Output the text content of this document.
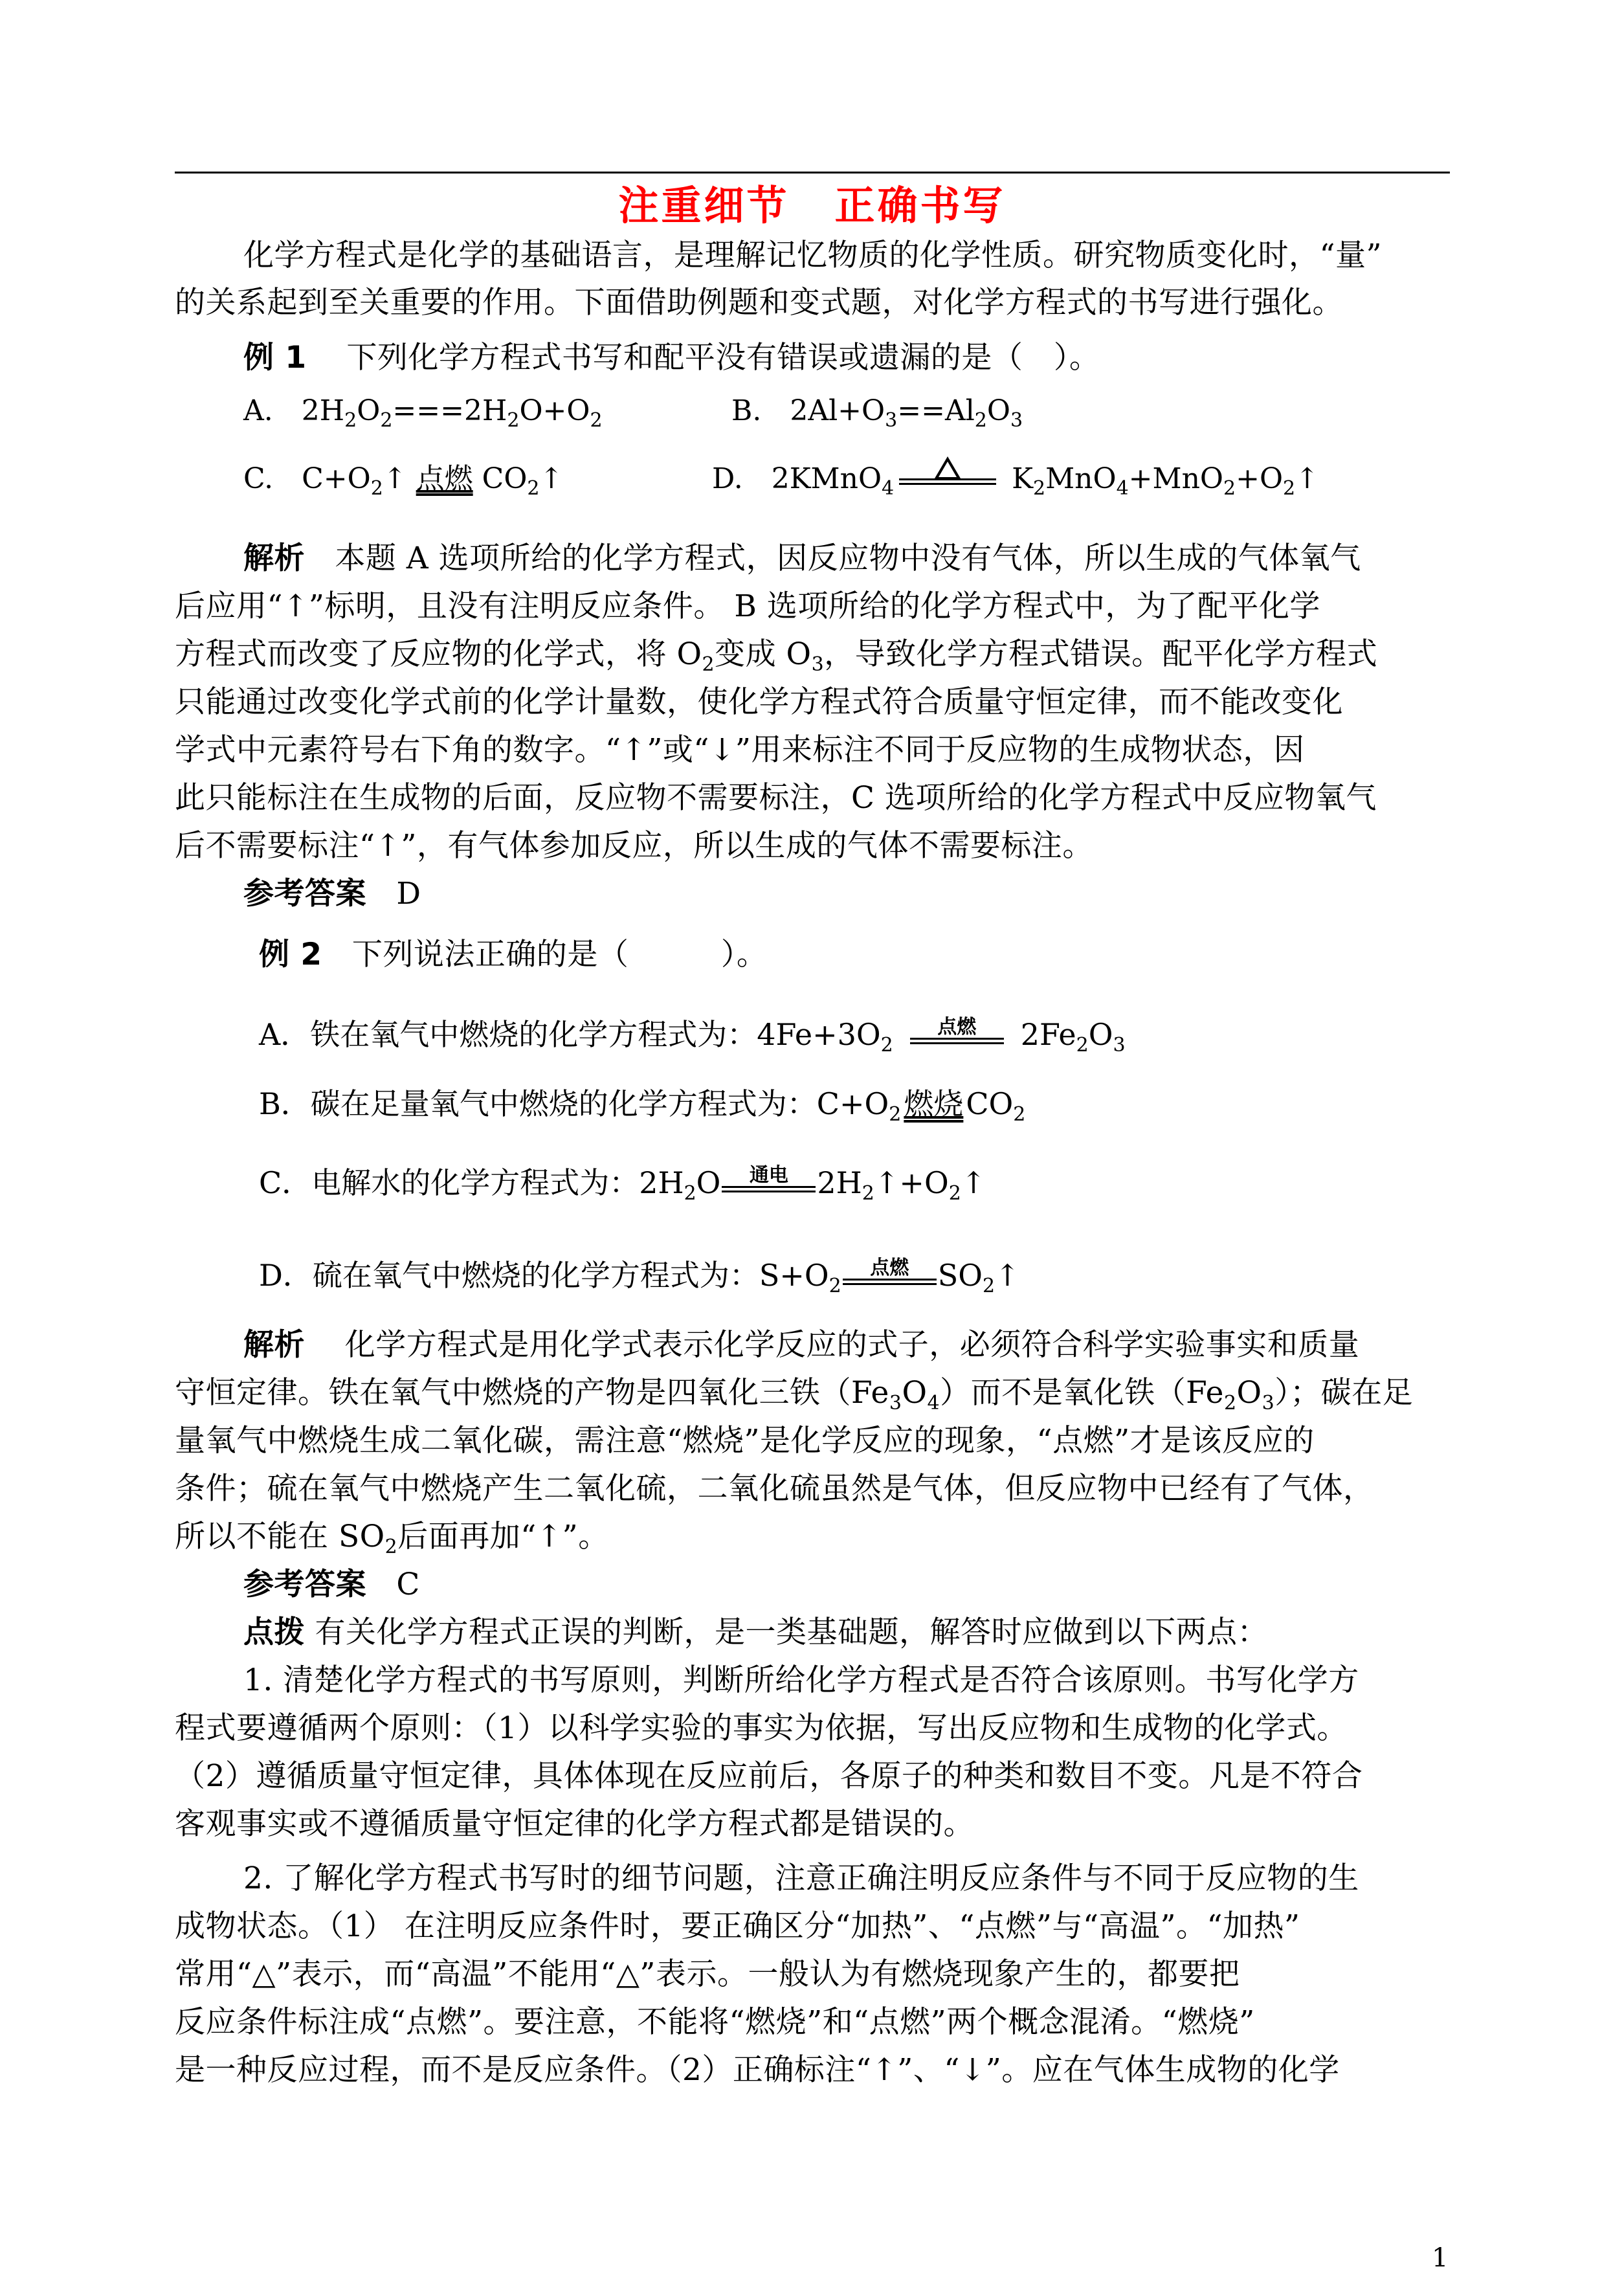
注重细节 正确书写
化学方程式是化学的基础语言，是理解记忆物质的化学性质。研究物质变化时，“量”
的关系起到至关重要的作用。下面借助例题和变式题，对化学方程式的书写进行强化。
例 1 下列化学方程式书写和配平没有错误或遗漏的是（　）。
A.　$2H_2O_2===2H_2O+O_2$	B.　$2Al+O_3==Al_2O_3$
C.　$C+O_2↑$ 点燃 $CO_2↑$	D.　2KMnO$_4$	$K_2MnO_4+MnO_2+O_2↑$
解析 本题 A 选项所给的化学方程式，因反应物中没有气体，所以生成的气体氧气
后应用“↑”标明，且没有注明反应条件。 B 选项所给的化学方程式中，为了配平化学
方程式而改变了反应物的化学式，将 $O_2$变成 $O_3$，导致化学方程式错误。配平化学方程式
只能通过改变化学式前的化学计量数，使化学方程式符合质量守恒定律，而不能改变化
学式中元素符号右下角的数字。“↑”或“↓”用来标注不同于反应物的生成物状态，因
此只能标注在生成物的后面，反应物不需要标注，C 选项所给的化学方程式中反应物氧气
后不需要标注“↑”，有气体参加反应，所以生成的气体不需要标注。
参考答案 D
例 2 下列说法正确的是（　　　）。
A．铁在氧气中燃烧的化学方程式为：$4Fe+3O_2$
点燃	$2Fe_2O_3$
B．碳在足量氧气中燃烧的化学方程式为：$C+O_2$燃烧$CO_2$
C．电解水的化学方程式为：$2H_2O$	通电 $2H_2↑+O_2↑$
D．硫在氧气中燃烧的化学方程式为：$S+O_2$
点燃 $SO_2↑$
解析 化学方程式是用化学式表示化学反应的式子，必须符合科学实验事实和质量
守恒定律。铁在氧气中燃烧的产物是四氧化三铁$(Fe_3O_4)$而不是氧化铁$(Fe_2O_3)$；碳在足
量氧气中燃烧生成二氧化碳，需注意“燃烧”是化学反应的现象，“点燃”才是该反应的
条件；硫在氧气中燃烧产生二氧化硫，二氧化硫虽然是气体，但反应物中已经有了气体，
所以不能在 $SO_2$后面再加“↑”。
参考答案 C
点拨 有关化学方程式正误的判断，是一类基础题，解答时应做到以下两点：
1. 清楚化学方程式的书写原则，判断所给化学方程式是否符合该原则。书写化学方
程式要遵循两个原则：（1）以科学实验的事实为依据，写出反应物和生成物的化学式。
（2）遵循质量守恒定律，具体体现在反应前后，各原子的种类和数目不变。凡是不符合
客观事实或不遵循质量守恒定律的化学方程式都是错误的。
2. 了解化学方程式书写时的细节问题，注意正确注明反应条件与不同于反应物的生
成物状态。（1） 在注明反应条件时，要正确区分“加热”、“点燃”与“高温”。“加热”
常用“△”表示，而“高温”不能用“△”表示。一般认为有燃烧现象产生的，都要把
反应条件标注成“点燃”。要注意，不能将“燃烧”和“点燃”两个概念混淆。“燃烧”
是一种反应过程，而不是反应条件。（2）正确标注“↑”、“↓”。应在气体生成物的化学
1
